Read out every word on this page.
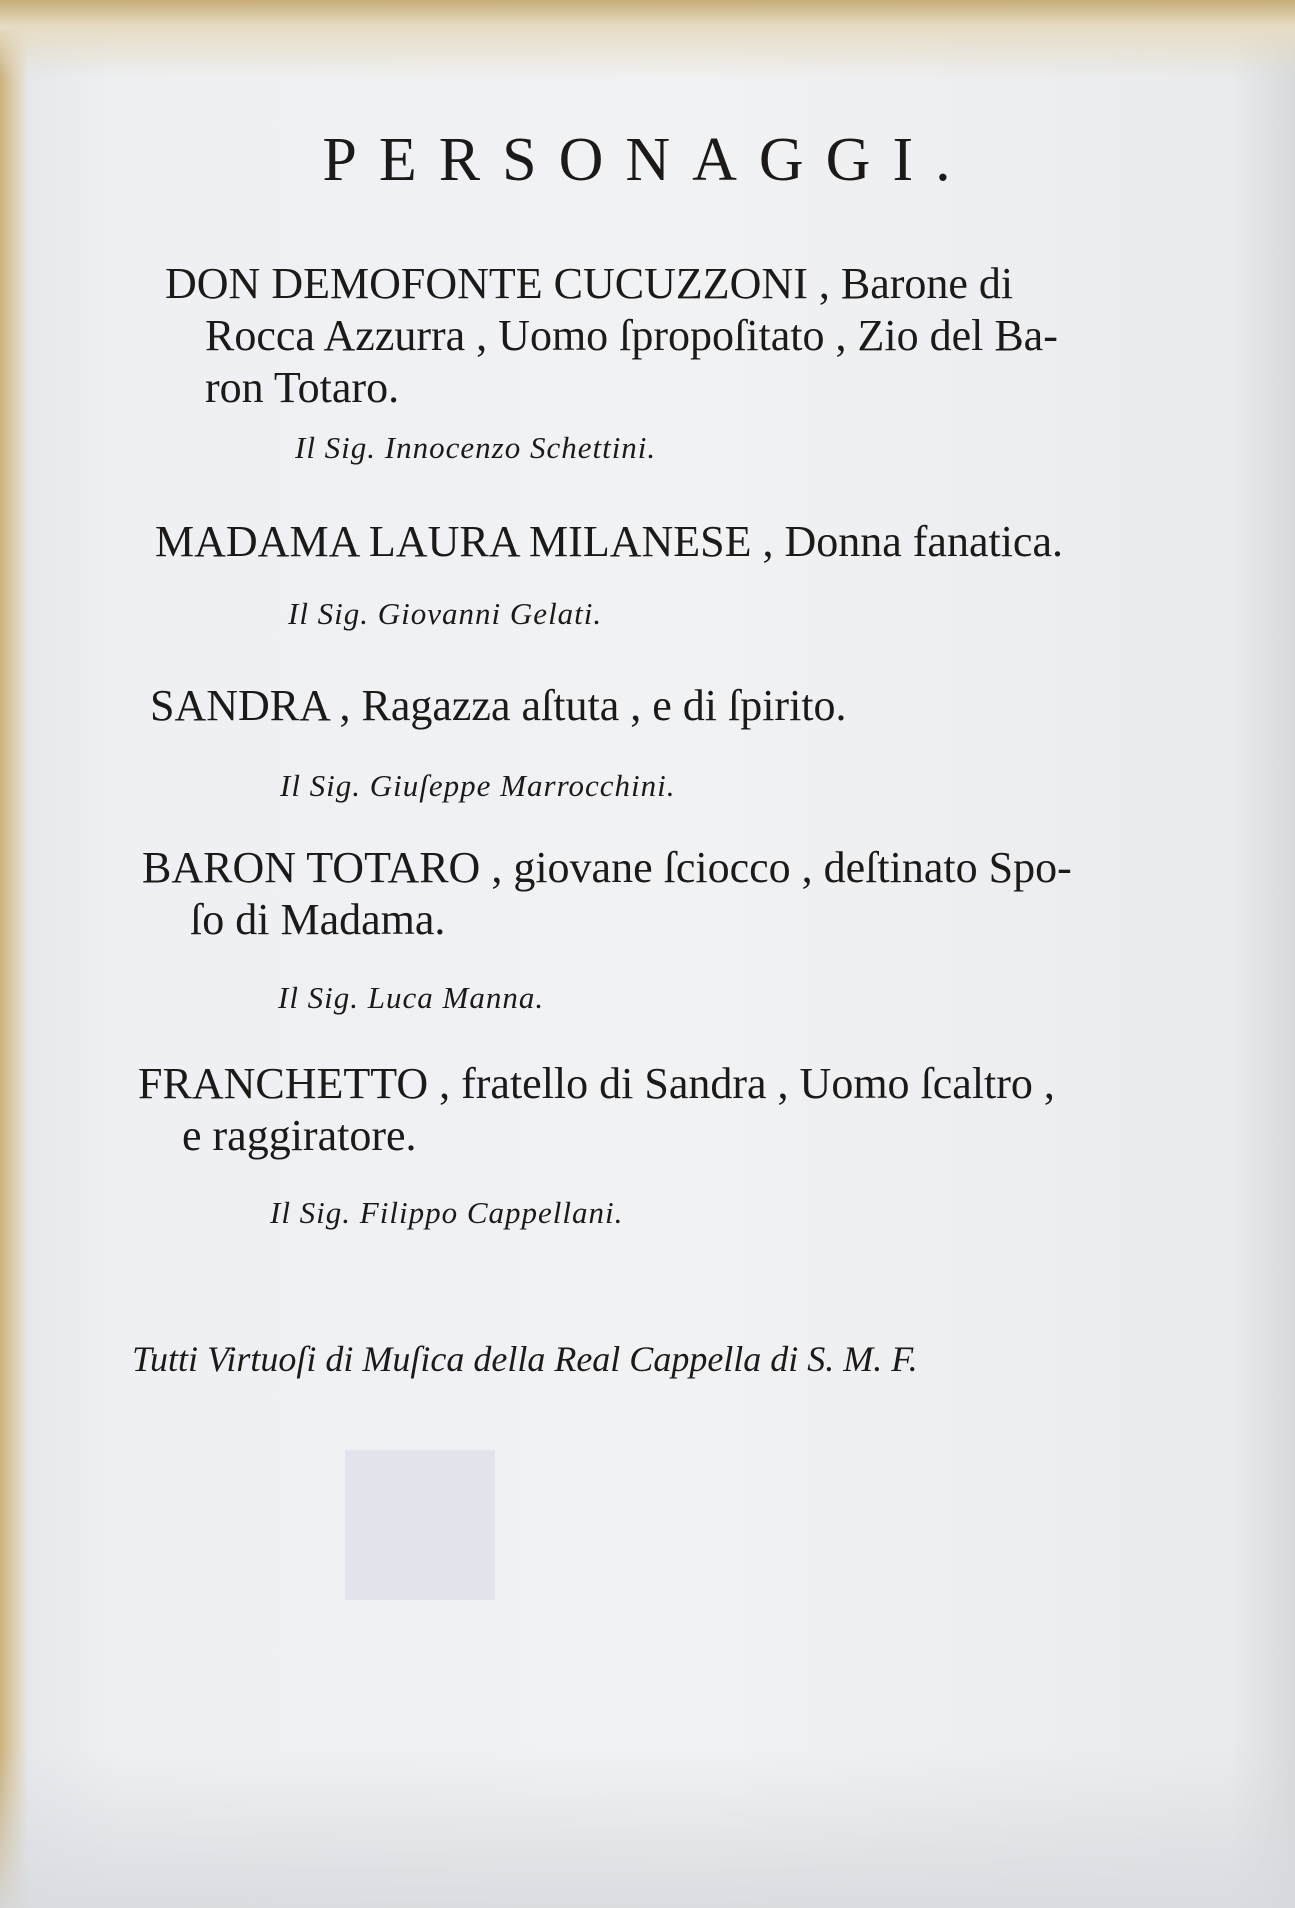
PERSONAGGI.
DON DEMOFONTE CUCUZZONI , Barone di
Rocca Azzurra , Uomo ſpropoſitato , Zio del Ba-
ron Totaro.
Il Sig. Innocenzo Schettini.
MADAMA LAURA MILANESE , Donna fanatica.
Il Sig. Giovanni Gelati.
SANDRA , Ragazza aſtuta , e di ſpirito.
Il Sig. Giuſeppe Marrocchini.
BARON TOTARO , giovane ſciocco , deſtinato Spo-
ſo di Madama.
Il Sig. Luca Manna.
FRANCHETTO , fratello di Sandra , Uomo ſcaltro ,
e raggiratore.
Il Sig. Filippo Cappellani.
Tutti Virtuoſi di Muſica della Real Cappella di S. M. F.
